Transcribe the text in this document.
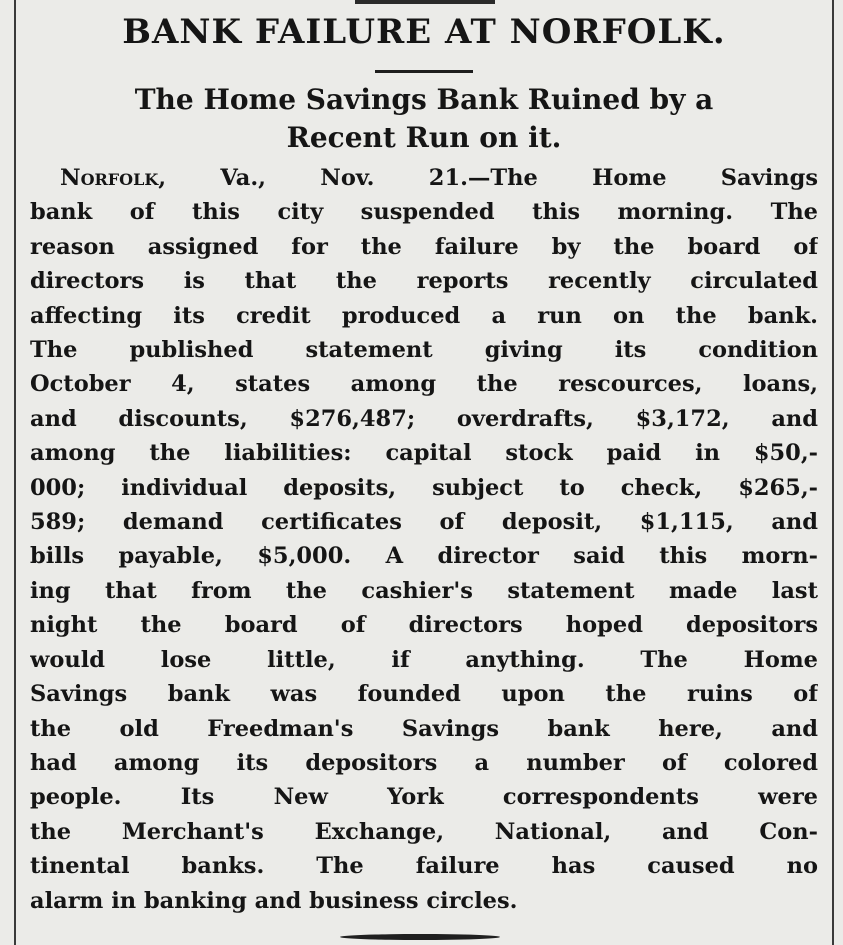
BANK FAILURE AT NORFOLK.
The Home Savings Bank Ruined by a
Recent Run on it.
Norfolk, Va., Nov. 21.—The Home Savings
bank of this city suspended this morning. The
reason assigned for the failure by the board of
directors is that the reports recently circulated
affecting its credit produced a run on the bank.
The published statement giving its condition
October 4, states among the rescources, loans,
and discounts, $276,487; overdrafts, $3,172, and
among the liabilities: capital stock paid in $50,-
000; individual deposits, subject to check, $265,-
589; demand certificates of deposit, $1,115, and
bills payable, $5,000. A director said this morn-
ing that from the cashier's statement made last
night the board of directors hoped depositors
would lose little, if anything. The Home
Savings bank was founded upon the ruins of
the old Freedman's Savings bank here, and
had among its depositors a number of colored
people. Its New York correspondents were
the Merchant's Exchange, National, and Con-
tinental banks. The failure has caused no
alarm in banking and business circles.
